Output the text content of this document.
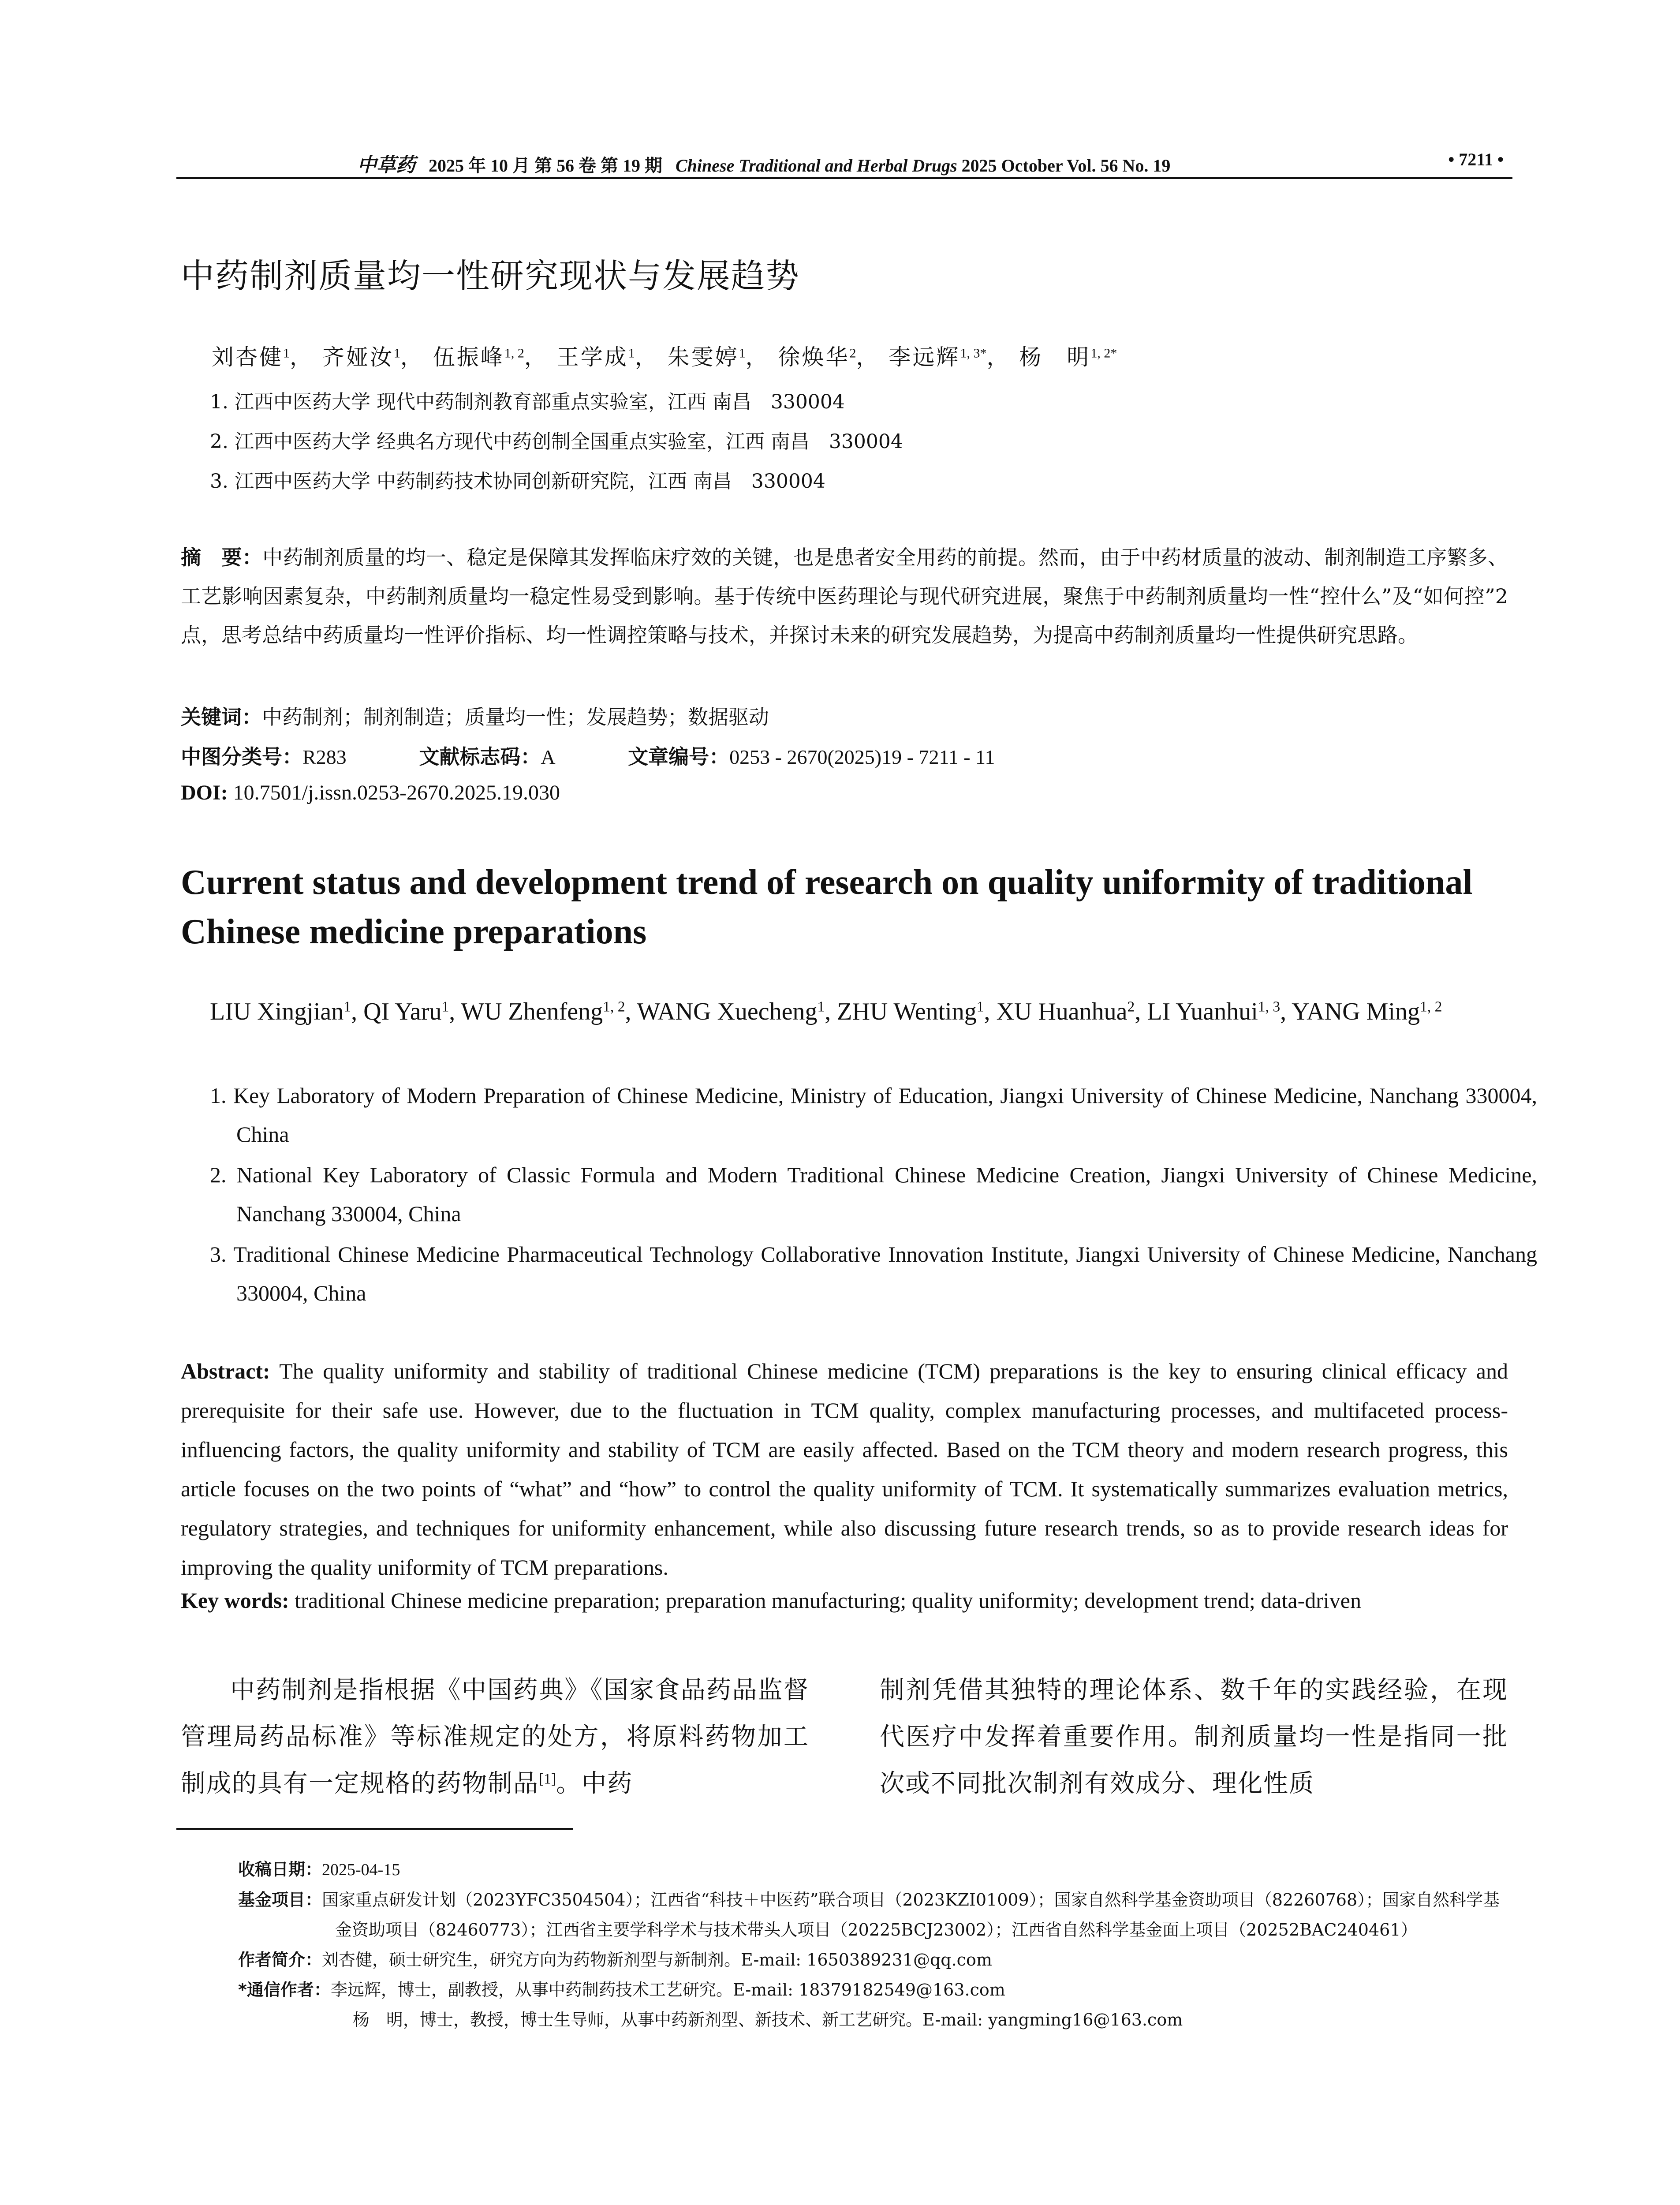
中草药 2025 年 10 月 第 56 卷 第 19 期 Chinese Traditional and Herbal Drugs 2025 October Vol. 56 No. 19	• 7211 •
中药制剂质量均一性研究现状与发展趋势
刘杏健$^1$， 齐娅汝$^1$， 伍振峰$^{1, 2}$， 王学成$^1$， 朱雯婷$^1$， 徐焕华$^2$， 李远辉$^{1, 3*}$， 杨　明$^{1, 2*}$
1. 江西中医药大学 现代中药制剂教育部重点实验室，江西 南昌　330004
2. 江西中医药大学 经典名方现代中药创制全国重点实验室，江西 南昌　330004
3. 江西中医药大学 中药制药技术协同创新研究院，江西 南昌　330004
摘　要：中药制剂质量的均一、稳定是保障其发挥临床疗效的关键，也是患者安全用药的前提。然而，由于中药材质量的波动、制剂制造工序繁多、工艺影响因素复杂，中药制剂质量均一稳定性易受到影响。基于传统中医药理论与现代研究进展，聚焦于中药制剂质量均一性“控什么”及“如何控”2 点，思考总结中药质量均一性评价指标、均一性调控策略与技术，并探讨未来的研究发展趋势，为提高中药制剂质量均一性提供研究思路。
关键词：中药制剂；制剂制造；质量均一性；发展趋势；数据驱动
中图分类号：R283	文献标志码：A	文章编号：0253 - 2670(2025)19 - 7211 - 11
DOI: 10.7501/j.issn.0253-2670.2025.19.030
Current status and development trend of research on quality uniformity of traditional Chinese medicine preparations
LIU Xingjian$^1$, QI Yaru$^1$, WU Zhenfeng$^{1, 2}$, WANG Xuecheng$^1$, ZHU Wenting$^1$, XU Huanhua$^2$, LI Yuanhui$^{1, 3}$, YANG Ming$^{1, 2}$
1. Key Laboratory of Modern Preparation of Chinese Medicine, Ministry of Education, Jiangxi University of Chinese Medicine, Nanchang 330004, China
2. National Key Laboratory of Classic Formula and Modern Traditional Chinese Medicine Creation, Jiangxi University of Chinese Medicine, Nanchang 330004, China
3. Traditional Chinese Medicine Pharmaceutical Technology Collaborative Innovation Institute, Jiangxi University of Chinese Medicine, Nanchang 330004, China
Abstract: The quality uniformity and stability of traditional Chinese medicine (TCM) preparations is the key to ensuring clinical efficacy and prerequisite for their safe use. However, due to the fluctuation in TCM quality, complex manufacturing processes, and multifaceted process-influencing factors, the quality uniformity and stability of TCM are easily affected. Based on the TCM theory and modern research progress, this article focuses on the two points of “what” and “how” to control the quality uniformity of TCM. It systematically summarizes evaluation metrics, regulatory strategies, and techniques for uniformity enhancement, while also discussing future research trends, so as to provide research ideas for improving the quality uniformity of TCM preparations.
Key words: traditional Chinese medicine preparation; preparation manufacturing; quality uniformity; development trend; data-driven
中药制剂是指根据《中国药典》《国家食品药品监督管理局药品标准》等标准规定的处方，将原料药物加工制成的具有一定规格的药物制品[1]。中药
制剂凭借其独特的理论体系、数千年的实践经验，在现代医疗中发挥着重要作用。制剂质量均一性是指同一批次或不同批次制剂有效成分、理化性质
收稿日期：2025-04-15
基金项目：国家重点研发计划（2023YFC3504504）；江西省“科技＋中医药”联合项目（2023KZI01009）；国家自然科学基金资助项目（82260768）；国家自然科学基金资助项目（82460773）；江西省主要学科学术与技术带头人项目（20225BCJ23002）；江西省自然科学基金面上项目（20252BAC240461）
作者简介：刘杏健，硕士研究生，研究方向为药物新剂型与新制剂。E-mail: 1650389231@qq.com
*通信作者：李远辉，博士，副教授，从事中药制药技术工艺研究。E-mail: 18379182549@163.com
杨　明，博士，教授，博士生导师，从事中药新剂型、新技术、新工艺研究。E-mail: yangming16@163.com
